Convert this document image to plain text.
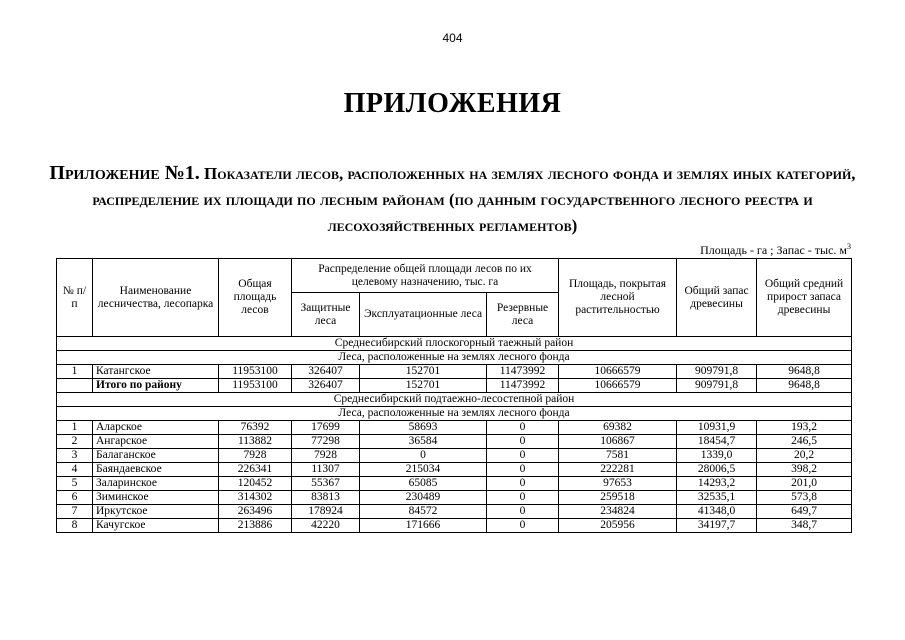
404
ПРИЛОЖЕНИЯ
Приложение №1. Показатели лесов, расположенных на землях лесного фонда и землях иных категорий, распределение их площади по лесным районам (по данным государственного лесного реестра и лесохозяйственных регламентов)
Площадь - га ; Запас - тыс. $м^3$
№ п/п	Наименование лесничества, лесопарка	Общая площадь лесов	Распределение общей площади лесов по их целевому назначению, тыс. га			Площадь, покрытая лесной растительностью	Общий запас древесины	Общий средний прирост запаса древесины
			Защитные леса	Эксплуатационные леса	Резервные леса			
Среднесибирский плоскогорный таежный район								
Леса, расположенные на землях лесного фонда								
1	Катангское	11953100	326407	152701	11473992	10666579	909791,8	9648,8
	Итого по району	11953100	326407	152701	11473992	10666579	909791,8	9648,8
Среднесибирский подтаежно-лесостепной район								
Леса, расположенные на землях лесного фонда								
1	Аларское	76392	17699	58693	0	69382	10931,9	193,2
2	Ангарское	113882	77298	36584	0	106867	18454,7	246,5
3	Балаганское	7928	7928	0	0	7581	1339,0	20,2
4	Баяндаевское	226341	11307	215034	0	222281	28006,5	398,2
5	Заларинское	120452	55367	65085	0	97653	14293,2	201,0
6	Зиминское	314302	83813	230489	0	259518	32535,1	573,8
7	Иркутское	263496	178924	84572	0	234824	41348,0	649,7
8	Качугское	213886	42220	171666	0	205956	34197,7	348,7
